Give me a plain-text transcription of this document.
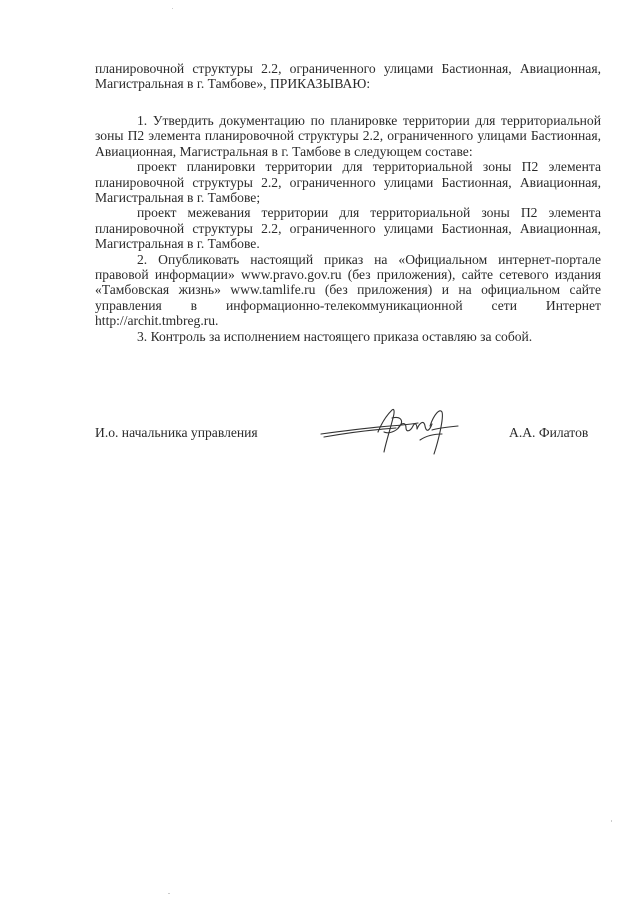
планировочной структуры 2.2, ограниченного улицами Бастионная, Авиационная, Магистральная в г. Тамбове», ПРИКАЗЫВАЮ:

1. Утвердить документацию по планировке территории для территориальной зоны П2 элемента планировочной структуры 2.2, ограниченного улицами Бастионная, Авиационная, Магистральная в г. Тамбове в следующем составе:

проект планировки территории для территориальной зоны П2 элемента планировочной структуры 2.2, ограниченного улицами Бастионная, Авиационная, Магистральная в г. Тамбове;

проект межевания территории для территориальной зоны П2 элемента планировочной структуры 2.2, ограниченного улицами Бастионная, Авиационная, Магистральная в г. Тамбове.

2. Опубликовать настоящий приказ на «Официальном интернет-портале правовой информации» www.pravo.gov.ru (без приложения), сайте сетевого издания «Тамбовская жизнь» www.tamlife.ru (без приложения) и на официальном сайте управления в информационно-телекоммуникационной сети Интернет http://archit.tmbreg.ru.

3. Контроль за исполнением настоящего приказа оставляю за собой.

И.о. начальника управления	А.А. Филатов
